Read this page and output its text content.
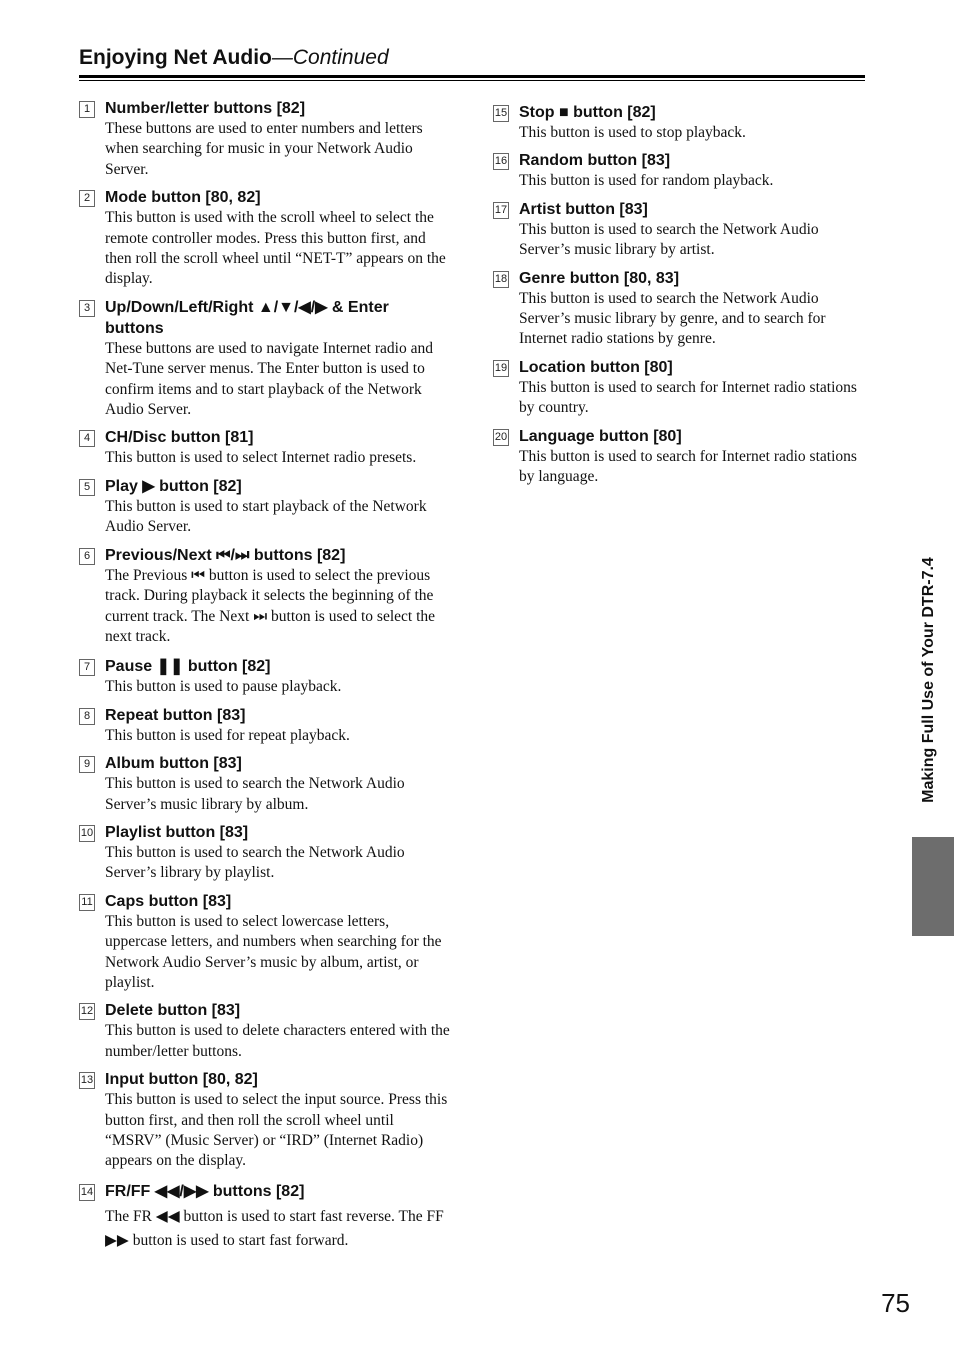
Enjoying Net Audio—Continued
1 Number/letter buttons [82]
These buttons are used to enter numbers and letters when searching for music in your Network Audio Server.
2 Mode button [80, 82]
This button is used with the scroll wheel to select the remote controller modes. Press this button first, and then roll the scroll wheel until “NET-T” appears on the display.
3 Up/Down/Left/Right ▲/▼/◀/▶ & Enter buttons
These buttons are used to navigate Internet radio and Net-Tune server menus. The Enter button is used to confirm items and to start playback of the Network Audio Server.
4 CH/Disc button [81]
This button is used to select Internet radio presets.
5 Play ▶ button [82]
This button is used to start playback of the Network Audio Server.
6 Previous/Next ⏮/⏭ buttons [82]
The Previous ⏮ button is used to select the previous track. During playback it selects the beginning of the current track. The Next ⏭ button is used to select the next track.
7 Pause ❚❚ button [82]
This button is used to pause playback.
8 Repeat button [83]
This button is used for repeat playback.
9 Album button [83]
This button is used to search the Network Audio Server’s music library by album.
10 Playlist button [83]
This button is used to search the Network Audio Server’s library by playlist.
11 Caps button [83]
This button is used to select lowercase letters, uppercase letters, and numbers when searching for the Network Audio Server’s music by album, artist, or playlist.
12 Delete button [83]
This button is used to delete characters entered with the number/letter buttons.
13 Input button [80, 82]
This button is used to select the input source. Press this button first, and then roll the scroll wheel until “MSRV” (Music Server) or “IRD” (Internet Radio) appears on the display.
14 FR/FF ◀◀/▶▶ buttons [82]
The FR ◀◀ button is used to start fast reverse. The FF ▶▶ button is used to start fast forward.
15 Stop ■ button [82]
This button is used to stop playback.
16 Random button [83]
This button is used for random playback.
17 Artist button [83]
This button is used to search the Network Audio Server’s music library by artist.
18 Genre button [80, 83]
This button is used to search the Network Audio Server’s music library by genre, and to search for Internet radio stations by genre.
19 Location button [80]
This button is used to search for Internet radio stations by country.
20 Language button [80]
This button is used to search for Internet radio stations by language.
Making Full Use of Your DTR-7.4
75
